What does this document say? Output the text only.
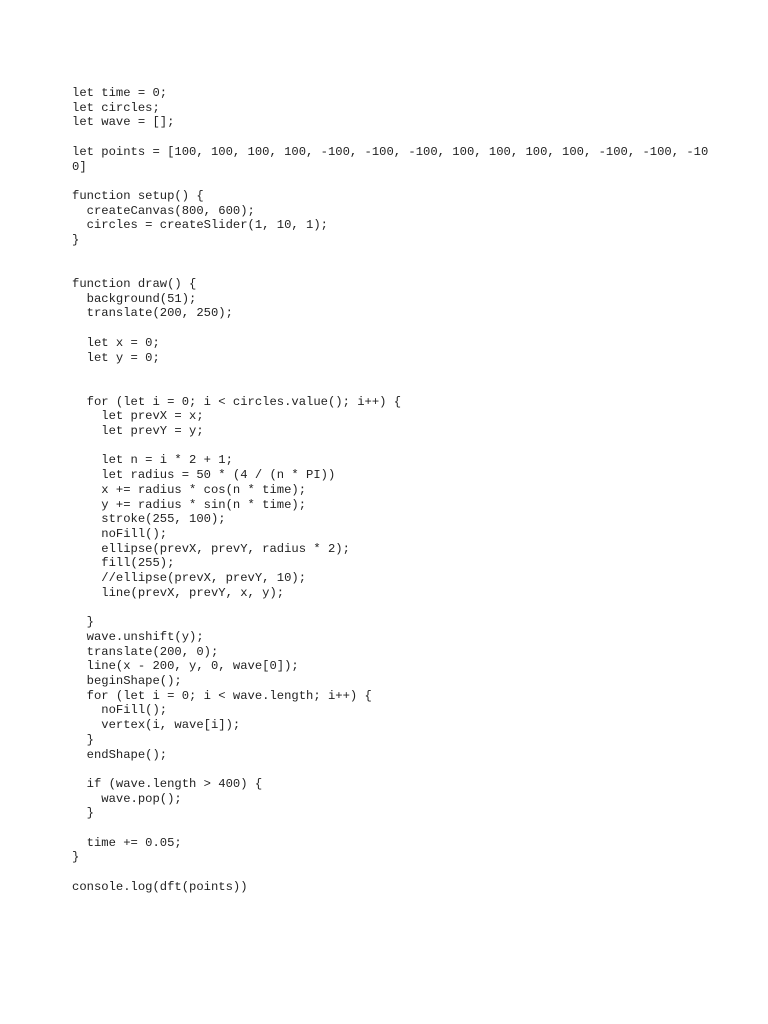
let time = 0;
let circles;
let wave = [];
let points = [100, 100, 100, 100, -100, -100, -100, 100, 100, 100, 100, -100, -100, -100]
function setup() {
createCanvas(800, 600);
circles = createSlider(1, 10, 1);
}
function draw() {
background(51);
translate(200, 250);
let x = 0;
let y = 0;
for (let i = 0; i < circles.value(); i++) {
let prevX = x;
let prevY = y;
let n = i * 2 + 1;
let radius = 50 * (4 / (n * PI))
x += radius * cos(n * time);
y += radius * sin(n * time);
stroke(255, 100);
noFill();
ellipse(prevX, prevY, radius * 2);
fill(255);
//ellipse(prevX, prevY, 10);
line(prevX, prevY, x, y);
}
wave.unshift(y);
translate(200, 0);
line(x - 200, y, 0, wave[0]);
beginShape();
for (let i = 0; i < wave.length; i++) {
noFill();
vertex(i, wave[i]);
}
endShape();
if (wave.length > 400) {
wave.pop();
}
time += 0.05;
}
console.log(dft(points))
